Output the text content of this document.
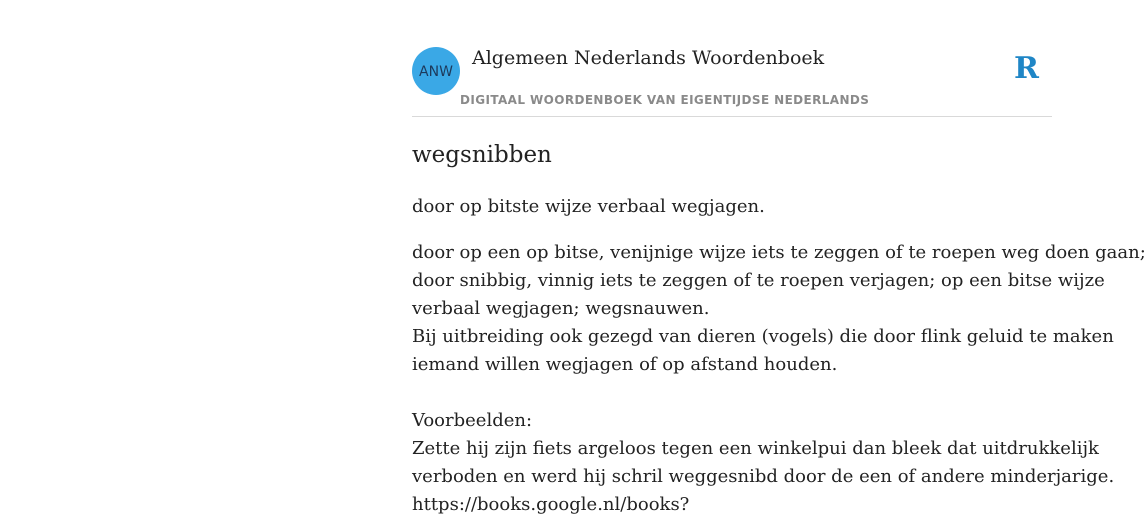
ANW
Algemeen Nederlands Woordenboek
DIGITAAL WOORDENBOEK VAN EIGENTIJDSE NEDERLANDS
R
wegsnibben
door op bitste wijze verbaal wegjagen.
door op een op bitse, venijnige wijze iets te zeggen of te roepen weg doen gaan;
door snibbig, vinnig iets te zeggen of te roepen verjagen; op een bitse wijze
verbaal wegjagen; wegsnauwen.
Bij uitbreiding ook gezegd van dieren (vogels) die door flink geluid te maken
iemand willen wegjagen of op afstand houden.
Voorbeelden:
Zette hij zijn fiets argeloos tegen een winkelpui dan bleek dat uitdrukkelijk
verboden en werd hij schril weggesnibd door de een of andere minderjarige.
https://books.google.nl/books?
